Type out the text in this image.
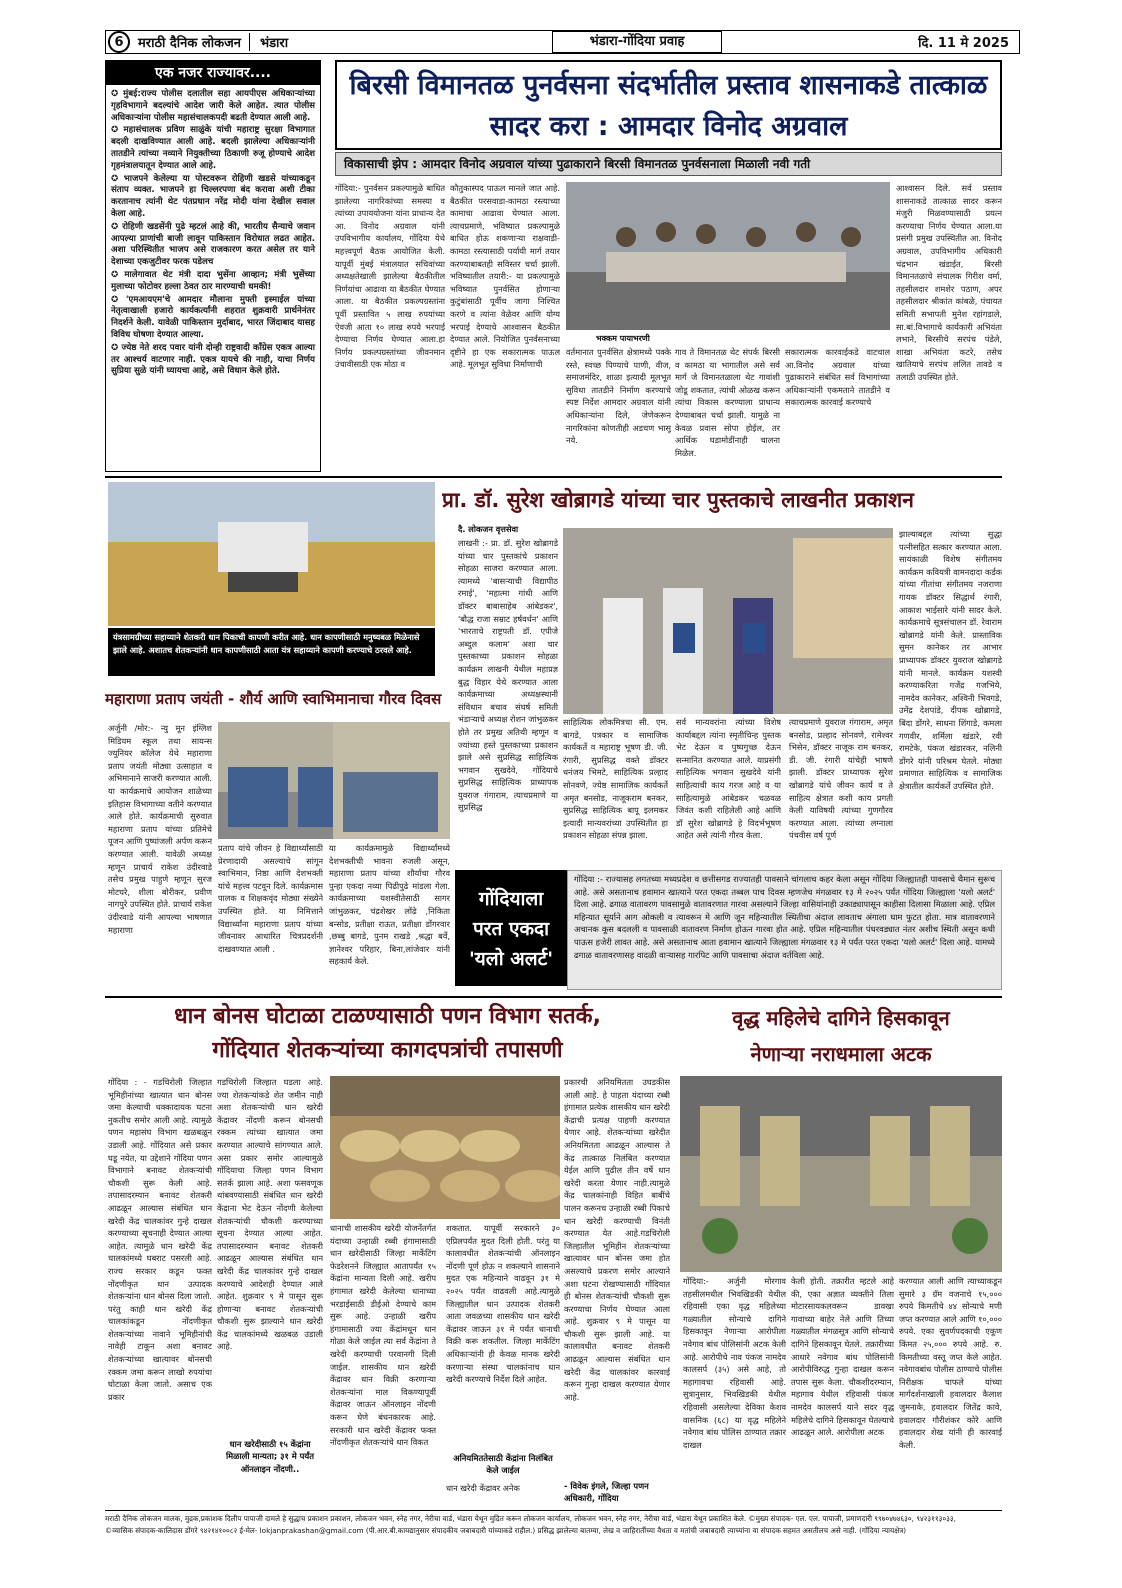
6	मराठी दैनिक लोकजन	भंडारा	भंडारा-गोंदिया प्रवाह	दि. 11 मे 2025
एक नजर राज्यावर....

✪ मुंबई:राज्य पोलीस दलातील सहा आयपीएस अधिकाऱ्यांच्या गृहविभागाने बदल्यांचे आदेश जारी केले आहेत. त्यात पोलीस अधिकाऱ्यांना पोलीस महासंचालकपदी बढती देण्यात आली आहे.

✪ महासंचालक प्रविण साळुंके यांची महाराष्ट्र सुरक्षा विभागात बदली दाखविण्यात आली आहे. बदली झालेल्या अधिकाऱ्यांनी तातडीने त्यांच्या नव्याने नियुक्तीच्या ठिकाणी रुजू होण्याचे आदेश गृहमंत्रालयातून देण्यात आले आहे.

✪ भाजपने केलेल्या या पोस्टवरून रोहिणी खडसे यांच्याकडून संताप व्यक्त. भाजपने हा चिल्लरपणा बंद करावा अशी टीका करतानाच त्यांनी थेट पंतप्रधान नरेंद्र मोदी यांना देखील सवाल केला आहे.

✪ रोहिणी खडसेंनी पुढे म्हटलं आहे की, भारतीय सैन्याचे जवान आपल्या प्राणांची बाजी लावून पाकिस्तान विरोधात लढत आहेत. अशा परिस्थितीत भाजप असे राजकारण करत असेल तर याने देशाच्या एकजुटीवर फरक पडेलच

✪ मालेगावात थेट मंत्री दादा भुसेंना आव्हान; मंत्री भुसेंच्या मुलाच्या फोटोवर हल्ला ठेवत ठार मारण्याची धमकी!

✪ 'एमआयएम'चे आमदार मौलाना मुफ्ती इस्माईल यांच्या नेतृत्वाखाली हजारो कार्यकर्त्यांनी शहरात शुक्रवारी प्रार्थनेनंतर निदर्शने केली. यावेळी पाकिस्तान मुर्दाबाद, भारत जिंदाबाद यासह विविध घोषणा देण्यात आल्या.

✪ ज्येष्ठ नेते शरद पवार यांनी दोन्ही राष्ट्रवादी काँग्रेस एकत्र आल्या तर आश्चर्य वाटणार नाही. एकत्र यायचे की नाही, याचा निर्णय सुप्रिया सुळे यांनी घ्यायचा आहे, असे विधान केले होते.

बिरसी विमानतळ पुनर्वसना संदर्भातील प्रस्ताव शासनाकडे तात्काळ सादर करा : आमदार विनोद अग्रवाल
विकासाची झेप : आमदार विनोद अग्रवाल यांच्या पुढाकाराने बिरसी विमानतळ पुनर्वसनाला मिळाली नवी गती
गोंदिया:- पुनर्वसन प्रकल्पामुळे बाधित झालेल्या नागरिकांच्या समस्या व त्यांच्या उपाययोजना यांना प्राधान्य देत आ. विनोद अग्रवाल यांनी उपविभागीय कार्यालय, गोंदिया येथे महत्त्वपूर्ण बैठक आयोजित केली. यापूर्वी मुंबई मंत्रालयात सचिवांच्या अध्यक्षतेखाली झालेल्या बैठकीतील निर्णयांचा आढावा या बैठकीत घेण्यात आला. या बैठकीत प्रकल्पग्रस्तांना पूर्वी प्रस्तावित ५ लाख रुपयांच्या ऐवजी आता १० लाख रुपये भरपाई देण्याचा निर्णय घेण्यात आला.हा निर्णय प्रकल्पग्रस्तांच्या जीवनमान उंचावीसाठी एक मोठा व
कौतुकास्पद पाऊल मानले जात आहे. बैठकीत परसवाडा-कामठा रस्त्याच्या कामाचा आढावा घेण्यात आला. त्याचप्रमाणे, भविष्यात प्रकल्पामुळे बाधित होऊ शकणाऱ्या राक्षवाडी-कामठा रस्त्यासाठी पर्यायी मार्ग तयार करण्याबाबतही सविस्तर चर्चा झाली. भविष्यातील तयारी:- या प्रकल्पामुळे भविष्यात पुनर्वसित होणाऱ्या कुटुंबांसाठी पूर्वीच जागा निश्चित करणे व त्यांना वेळेवर आणि योग्य भरपाई देण्याचे आश्वासन बैठकीत देण्यात आले. नियोजित पुनर्वसनाच्या दृष्टीने हा एक सकारात्मक पाऊल आहे. मूलभूत सुविधा निर्माणाची
भक्कम पायाभरणी
वर्तमानात पुनर्वसित क्षेत्रामध्ये पक्के रस्ते, स्वच्छ पिण्याचे पाणी, वीज, समाजमंदिर, शाळा इत्यादी मूलभूत सुविधा तातडीने निर्माण करण्याचे स्पष्ट निर्देश आमदार अग्रवाल यांनी अधिकाऱ्यांना दिले, जेणेकरून नागरिकांना कोणतीही अडचण भासू नये.
गाव ते विमानतळ थेट संपर्क बिरसी व कामठा या भागातील असे सर्व मार्ग जे विमानतळाला थेट गावांशी जोडू शकतात, त्यांची ओळख करून त्यांचा विकास करण्याला प्राधान्य देण्याबाबत चर्चा झाली. यामुळे ना केवळ प्रवास सोपा होईल, तर आर्थिक घडामोडींनाही चालना मिळेल.
सकारात्मक कारवाईकडे वाटचाल आ.विनोद अग्रवाल यांच्या पुढाकाराने संबंधित सर्व विभागांच्या अधिकाऱ्यांनी एकमताने तातडीने व सकारात्मक कारवाई करण्याचे
आश्वासन दिले. सर्व प्रस्ताव शासनाकडे तात्काळ सादर करून मंजुरी मिळवण्यासाठी प्रयत्न करण्याचा निर्णय घेण्यात आला.या प्रसंगी प्रमुख उपस्थितीत आ. विनोद अग्रवाल, उपविभागीय अधिकारी चंद्रभान खंडाईत, बिरसी विमानतळाचे संचालक गिरीश वर्मा, तहसीलदार शमशेर पठाण, अपर तहसीलदार श्रीकांत कांबळे, पंचायत समिती सभापती मुनेश रहांगडाले, सा.बां.विभागाचे कार्यकारी अभियंता लभाने, बिरसीचे सरपंच पंडेले, शाखा अभियंता कटरे, तसेच खातियाचे सरपंच ललित तावडे व तलाठी उपस्थित होते.
यंत्रसामग्रीच्या सहाय्याने शेतकरी धान पिकाची कापणी करीत आहे. धान कापणीसाठी मनुष्यबळ मिळेनासे झाले आहे. अशातच शेतकऱ्यांनी धान कापणीसाठी आता यंत्र सहाय्याने कापणी करण्याचे ठरवले आहे.
प्रा. डॉ. सुरेश खोब्रागडे यांच्या चार पुस्तकाचे लाखनीत प्रकाशन
दै. लोकजन वृत्तसेवा
लाखनी :- प्रा. डॉ. सुरेश खोब्रागडे यांच्या चार पुस्तकांचे प्रकाशन सोहळा साजरा करण्यात आला. त्यामध्ये 'बासऱ्याची विद्यापीठ रमाई', 'महात्मा गांधी आणि डॉक्टर बाबासाहेब आंबेडकर', 'बौद्ध राजा सम्राट हर्षवर्धन' आणि 'भारताचे राष्ट्रपती डॉ. एपीजे अब्दुल कलाम' अशा चार पुस्तकाच्या प्रकाशन सोहळा कार्यक्रम लाखनी येथील महाप्रज्ञ बुद्ध विहार येथे करण्यात आला कार्यक्रमाच्या अध्यक्षस्थानी संविधान बचाव संघर्ष समिती भंडाऱ्याचे अध्यक्ष रोशन जांभुळकर होते तर प्रमुख अतिथी म्हणून व ज्यांच्या हस्ते पुस्तकाच्या प्रकाशन झाले असे सुप्रसिद्ध साहित्यिक भगवान सुखदेवे, गोंदियाचे सुप्रसिद्ध साहित्यिक प्राध्यापक युवराज गंगाराम, त्याचप्रमाणे या सुप्रसिद्ध
साहित्यिक लोकमित्रचा सी. एम. बागडे, पत्रकार व सामाजिक कार्यकर्ते व महाराष्ट्र भूषण डी. जी. रंगारी, सुप्रसिद्ध वक्ते डॉक्टर धनंजय भिमटे, साहित्यिक प्रल्हाद सोनवणे, ज्येष्ठ सामाजिक कार्यकर्ते अमृत बनसोड, नाजूकराम बनकर, सुप्रसिद्ध साहित्यिक बापू इलमकर इत्यादी मान्यवरांच्या उपस्थितीत हा प्रकाशन सोहळा संपन्न झाला.
सर्व मान्यवरांना त्यांच्या विशेष कार्याबद्दल त्यांना स्मृतीचिन्ह पुस्तक भेट देऊन व पुष्पगुच्छ देऊन सन्मानित करण्यात आले. याप्रसंगी साहित्यिक भगवान सुखदेवे यांनी साहित्याची काय गरज आहे व या साहित्यामुळे आंबेडकर चळवळ जिवंत कशी राहिलेली आहे आणि डॉ सुरेश खोब्रागडे हे विदर्भभूषण आहेत असे त्यांनी गौरव केला.
त्याचप्रमाणे युवराज गंगाराम, अमृत बनसोड, प्रल्हाद सोनवणे, रामेश्वर भिसेन, डॉक्टर नाजूक राम बनकर, डी. जी. रंगारी यांचेही भाषणे झाली. डॉक्टर प्राध्यापक सुरेश खोब्रागडे यांचे जीवन कार्य व ते साहित्य क्षेत्रात कशी काय प्रगती केली याविषयी त्यांच्या गुणगौरव करण्यात आला. त्यांच्या लग्नाला पंचवीस वर्ष पूर्ण
झाल्याबद्दल त्यांच्या सुद्धा पत्नीसहित सत्कार करण्यात आला. सायंकाळी विशेष संगीतमय कार्यक्रम कवियत्री वामनदादा कर्डक यांच्या गीतांचा संगीतमय नजराणा गायक डॉक्टर सिद्धार्थ रंगारी, आकाश भाईसारे यांनी सादर केले. कार्यक्रमाचे सूत्रसंचालन डॉ. रेवाराम खोब्रागडे यांनी केले. प्रास्ताविक सुमन कानेकर तर आभार प्राध्यापक डॉक्टर युवराज खोब्रागडे यांनी मानले. कार्यक्रम यशस्वी करण्याकरिता गजेंद्र गजभिये, नामदेव कानेकर, अश्विनी भिवगडे, उमेंद्र देशपांडे, दीपक खोब्रागडे, बिंदा डोंगरे, साधना शिंगाडे, कमला गणवीर, शर्मिला खंडारे, रवी रामटेके, पंकज खंडारकर, नलिनी डोंगरे यांनी परिश्रम घेतले. मोठ्या प्रमाणात साहित्यिक व सामाजिक क्षेत्रातील कार्यकर्ते उपस्थित होते.
महाराणा प्रताप जयंती - शौर्य आणि स्वाभिमानाचा गौरव दिवस
अर्जुनी /मोर:- न्यु मून इंग्लिश मिडियम स्कूल तथा सायन्स ज्युनियर कॉलेज येथे महाराणा प्रताप जयंती मोठ्या उत्साहात व अभिमानाने साजरी करण्यात आली. या कार्यक्रमाचे आयोजन शाळेच्या इतिहास विभागाच्या वतीने करण्यात आले होते. कार्यक्रमाची सुरुवात महाराणा प्रताप यांच्या प्रतिमेचे पूजन आणि पुष्पांजली अर्पण करून करण्यात आली. यावेळी अध्यक्ष म्हणून प्राचार्य राकेश उंदीरवाडे तसेच प्रमुख पाहुणे म्हणून सुरज मोटघरे, शीला बोरीकर, प्रवीण नागपुरे उपस्थित होते. प्राचार्य राकेश उंदीरवाडे यांनी आपल्या भाषणात महाराणा
प्रताप यांचे जीवन हे विद्यार्थ्यांसाठी प्रेरणादायी असल्याचे सांगून स्वाभिमान, निष्ठा आणि देशभक्ती यांचे महत्त्व पटवून दिले. कार्यक्रमास पालक व शिक्षकवृंद मोठ्या संख्येने उपस्थित होते. या निमित्ताने विद्यार्थ्यांना महाराणा प्रताप यांच्या जीवनावर आधारित चित्रप्रदर्शनी दाखवण्यात आली .
या कार्यक्रमामुळे विद्यार्थ्यांमध्ये देशभक्तीची भावना रुजली असून, महाराणा प्रताप यांच्या शौर्याचा गौरव पुन्हा एकदा नव्या पिढीपुढे मांडला गेला. कार्यक्रमाच्या यशस्वीतेसाठी सागर जांभुळकर, चंद्रशेखर लोंढे ,निकिता बन्सोड, प्रतीक्षा राऊत, प्रतीक्षा डोंगरवार ,छब्बु बागडे, पुनम राखडे ,श्रद्धा बर्वे, ज्ञानेश्वर परिहार, बिना,लांजेवार यांनी सहकार्य केले.
गोंदियाला
परत एकदा
'यलो अलर्ट'
गोंदिया :- राज्यासह लगतच्या मध्यप्रदेश व छत्तीसगड राज्यातही पावसाने चांगलाच कहर केला असून गोंदिया जिल्ह्यातही पावसाचे थैमान सुरूच आहे. असे असतानाच हवामान खात्याने परत एकदा तब्बल पाच दिवस म्हणजेच मंगळवार १३ मे २०२५ पर्यंत गोंदिया जिल्ह्याला 'यलो अलर्ट' दिला आहे. ढगाळ वातावरण पावसामुळे वातावरणात गारवा असल्याने जिल्हा वासियांनाही उकाड्यापासून काहीसा दिलासा मिळाला आहे. एप्रिल महिन्यात सूर्याने आग ओकली व त्यावरून मे आणि जून महिन्यातील स्थितीचा अंदाज लावताच अंगाला घाम फुटत होता. मात्र वातावरणाने अचानक कूस बदलली व पावसाळी वातावरण निर्माण होऊन गारवा होत आहे. एप्रिल महिन्यातील पंधरवड्यात नंतर अशीच स्थिती असून कधी पाऊस हजेरी लावत आहे. असे असतानाच आता हवामान खात्याने जिल्ह्याला मंगळवार १३ मे पर्यंत परत एकदा 'यलो अलर्ट' दिला आहे. यामध्ये ढगाळ वातावरणासह वादळी वाऱ्यासह गारपिट आणि पावसाचा अंदाज वर्तविला आहे.
धान बोनस घोटाळा टाळण्यासाठी पणन विभाग सतर्क,
गोंदियात शेतकऱ्यांच्या कागदपत्रांची तपासणी
गोंदिया : - गडचिरोली जिल्हात भूमिहीनांच्या खात्यात धान बोनस जमा केल्याची धक्कादायक घटना नुकतीच समोर आली आहे. त्यामुळे पणन महासंघ विभाग खळबळून उडाली आहे. गोंदियात असे प्रकार घडू नयेत, या उद्देशाने गोंदिया पणन विभागाने बनावट शेतकऱ्यांची चौकशी सुरू केली आहे. तपासादरम्यान बनावट शेतकरी आढळून आल्यास संबंधित धान खरेदी केंद्र चालकांवर गुन्हे दाखल करण्याच्या सूचनाही देण्यात आल्या आहेत. त्यामुळे धान खरेदी केंद्र चालकांमध्ये घबराट पसरली आहे. राज्य सरकार कडून फक्त नोंदणीकृत धान उत्पादक शेतकऱ्यांना धान बोनस दिला जातो. परंतु काही धान खरेदी केंद्र चालकांकडून नोंदणीकृत शेतकऱ्यांच्या नावाने भूमिहीनांची नावेही टाकून अशा बनावट शेतकऱ्यांच्या खात्यावर बोनसची रक्कम जमा करून लाखो रुपयांचा घोटाळा केला जातो. असाच एक प्रकार
गडचिरोली जिल्हात घडला आहे. ज्या शेतकऱ्यांकडे शेत जमीन नाही अशा शेतकऱ्यांची धान खरेदी केंद्रावर नोंदणी करून बोनसची रक्कम त्यांच्या खात्यात जमा करण्यात आल्याचे सांगण्यात आले. असा प्रकार समोर आल्यामुळे गोंदियाचा जिल्हा पणन विभाग सतर्क झाला आहे. अशा फसवणूक थांबवण्यासाठी संबंधित धान खरेदी केंद्राना भेट देऊन नोंदणी केलेल्या शेतकऱ्यांची चौकशी करण्याच्या सूचना देण्यात आल्या आहेत. तपासादरम्यान बनावट शेतकरी आढळून आल्यास संबंधित धान खरेदी केंद्र चालकांवर गुन्हे दाखल करण्याचे आदेशही देण्यात आले आहेत. शुक्रवार ९ मे पासून सुरू होणाऱ्या बनावट शेतकऱ्यांची चौकशी सुरू झाल्याने धान खरेदी केंद्र चालकांमध्ये खळबळ उडाली आहे.
धान खरेदीसाठी १५ केंद्रांना मिळाली मान्यता; ३१ मे पर्यंत ऑनलाइन नोंदणी..
धानाची शासकीय खरेदी योजनेंतर्गत यंदाच्या उन्हाळी रब्बी हंगामासाठी धान खरेदीसाठी जिल्हा मार्केटिंग फेडरेशनने जिल्ह्यात आतापर्यंत १५ केंद्रांना मान्यता दिली आहे. खरीप हंगामात खरेदी केलेल्या धानाच्या भरडाईसाठी डीईओ देण्याचे काम सुरू आहे. उन्हाळी खरीप हंगामासाठी ज्या केंद्रांमधून धान गोळा केले जाईल त्या सर्व केंद्रांना ते खरेदी करण्याची परवानगी दिली जाईल. शासकीय धान खरेदी केंद्रावर धान विक्री करणाऱ्या शेतकऱ्यांना माल विकण्यापूर्वी केंद्रावर जाऊन ऑनलाइन नोंदणी करून घेणे बंधनकारक आहे. सरकारी धान खरेदी केंद्रावर फक्त नोंदणीकृत शेतकऱ्यांचे धान विकत
शकतात. यापूर्वी सरकारने ३० एप्रिलपर्यंत मुदत दिली होती. परंतु या कालावधीत शेतकऱ्यांची ऑनलाइन नोंदणी पूर्ण होऊ न शकल्याने शासनाने मुदत एक महिन्याने वाढवून ३१ मे २०२५ पर्यंत वाढवली आहे.त्यामुळे जिल्ह्यातील धान उत्पादक शेतकरी आता जवळच्या शासकीय धान खरेदी केंद्रावर जाऊन ३१ मे पर्यंत धानाची विक्री करू शकतील. जिल्हा मार्केटिंग अधिकाऱ्यांनी ही केवळ मानक खरेदी करणाऱ्या संस्था चालकांनाच धान खरेदी करण्याचे निर्देश दिले आहेत.
अनियमिततेसाठी केंद्रांना निलंबित केले जाईल
धान खरेदी केंद्रावर अनेक
प्रकारची अनियमितता उघडकीस आली आहे. हे पाहता यंदाच्या रब्बी हंगामात प्रत्येक शासकीय धान खरेदी केंद्राची प्रत्यक्ष पाहणी करण्यात येणार आहे. शेतकऱ्यांच्या खरेदीत अनियमितता आढळून आल्यास ते केंद्र तात्काळ निलंबित करण्यात येईल आणि पुढील तीन वर्षे धान खरेदी करता येणार नाही.त्यामुळे केंद्र चालकांनाही विहित बाबींचे पालन करूनच उन्हाळी रब्बी पिकाचे धान खरेदी करण्याची विनंती करण्यात येत आहे.गडचिरोली जिल्हातील भूमिहीन शेतकऱ्यांच्या खात्यावर धान बोनस जमा होत असल्याचे प्रकरण समोर आल्याने अशा घटना रोखण्यासाठी गोंदियात ही बोनस शेतकऱ्यांची चौकशी सुरू करण्याचा निर्णय घेण्यात आला आहे. शुक्रवार ९ मे पासून या चौकशी सुरू झाली आहे. या कालावधीत बनावट शेतकरी आढळून आल्यास संबंधित धान खरेदी केंद्र चालकांवर कारवाई करून गुन्हा दाखल करण्यात येणार आहे.
- विवेक इंगले, जिल्हा पणन अधिकारी, गोंदिया
वृद्ध महिलेचे दागिने हिसकावून
नेणाऱ्या नराधमाला अटक
गोंदिया:- अर्जुनी मोरगाव तहसीलमधील भिवखिडकी येथील रहिवासी एका वृद्ध महिलेच्या गळ्यातील सोन्याचे दागिने हिसकावून नेणाऱ्या आरोपीला नवेगाव बांध पोलिसांनी अटक केली आहे. आरोपीचे नाव पंकज नामदेव कालसर्प (३५) असे आहे, तो महागावचा रहिवासी आहे. सुत्रानुसार, भिवखिडकी येथील रहिवासी असलेल्या देविका केशव वासनिक (६८) या वृद्ध महिलेने नवेगाव बांध पोलिस ठाण्यात तक्रार दाखल
केली होती. तक्रारीत म्हटले आहे की, एका अज्ञात व्यक्तीने तिला मोटारसायकलवरून डावखा गावाच्या बाहेर नेले आणि तिच्या गळ्यातील मंगळसूत्र आणि सोन्याचे दागिने हिसकावून घेतले. तक्रारीच्या आधारे नवेगाव बांध पोलिसांनी आरोपीविरुद्ध गुन्हा दाखल करून तपास सुरू केला. चौकशीदरम्यान, महागाव येथील रहिवासी पंकज नामदेव कालसर्प याने सदर वृद्ध महिलेचे दागिने हिसकावून घेतल्याचे आढळून आले. आरोपीला अटक
करण्यात आली आणि त्याच्याकडून सुमारे ३ ग्रॅम वजनाचे १५,००० रुपये किमतीचे ४४ सोन्याचे मणी जप्त करण्यात आले आणि १०,००० रुपये. एका सुवर्णपदकाची एकूण किंमत २५,००० रुपये आहे. रु. किमतीच्या वस्तू जप्त केले आहेत. नवेगावबांध पोलीस ठाण्याचे पोलीस निरीक्षक चाफले यांच्या मार्गदर्शनाखाली हवालदार कैलाश जुमनाके, हवालदार जितेंद्र कावे, हवालदार गौरीशंकर कोरे आणि हवालदार शेख यांनी ही कारवाई केली.
मराठी दैनिक लोकजन मालक, मुद्रक,प्रकाशक दिलीप पापाजी दामले हे सुद्धाच प्रकाशन प्रकाशन, लोकजन भवन, स्नेह नगर, नेरीचा वार्ड, भंडारा येथून मुद्रित करून लोकजन कार्यालय, लोकजन भवन, स्नेह नगर, नेरीचा वार्ड, भंडारा येथून प्रकाशित केले. ©मुख्य संपादक- एल. एल. पापाजी, प्रमाणदारी ९९७०४७४६३०, ९४२३११३०३३,
©व्यासिक संपादक-कालिदास डोंगरे ९४२१४१००८२ ई-मेल- lokjanprakashan@gmail.com (पी.आर.बी.कायद्यानुसार संपादकीय जबाबदारी यांच्याकडे राहील.) प्रसिद्ध झालेल्या बातम्या, लेख व जाहिरातींच्या वैधता व मतांची जबाबदारी त्याच्यांना वा संपादक सहमत असतीलच असे नाही. (गोंदिया न्यायक्षेत्र)
